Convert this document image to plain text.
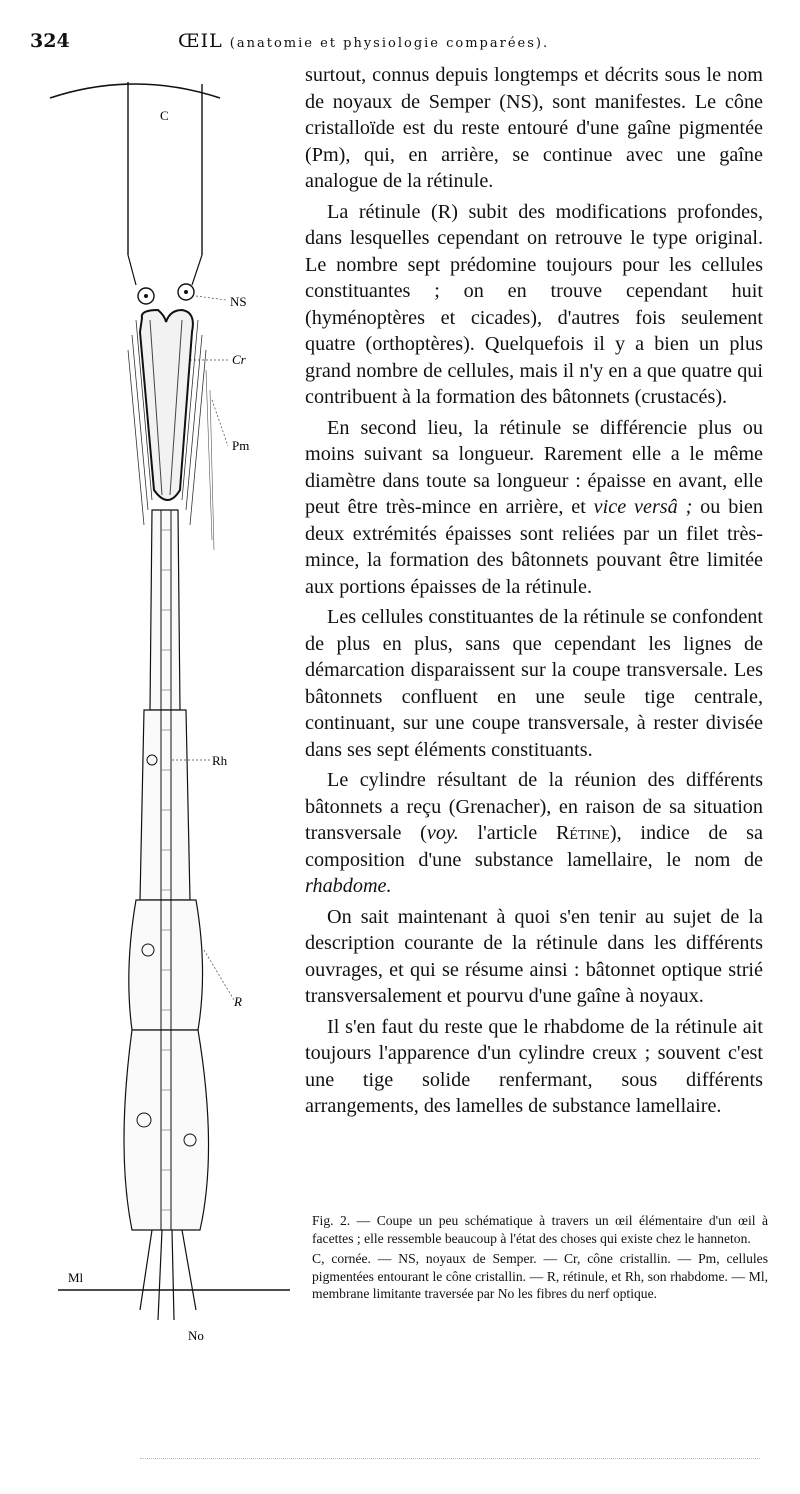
324	ŒIL (anatomie et physiologie comparées).
C
NS
Cr
Pm
Rh
R
Ml
No

surtout, connus depuis longtemps et décrits sous le nom de noyaux de Semper (NS), sont manifestes. Le cône cristalloïde est du reste entouré d'une gaîne pigmentée (Pm), qui, en arrière, se continue avec une gaîne analogue de la rétinule.

La rétinule (R) subit des modifications profondes, dans lesquelles cependant on retrouve le type original. Le nombre sept prédomine toujours pour les cellules constituantes ; on en trouve cependant huit (hyménoptères et cicades), d'autres fois seulement quatre (orthoptères). Quelquefois il y a bien un plus grand nombre de cellules, mais il n'y en a que quatre qui contribuent à la formation des bâtonnets (crustacés).

En second lieu, la rétinule se différencie plus ou moins suivant sa longueur. Rarement elle a le même diamètre dans toute sa longueur : épaisse en avant, elle peut être très-mince en arrière, et vice versâ ; ou bien deux extrémités épaisses sont reliées par un filet très-mince, la formation des bâtonnets pouvant être limitée aux portions épaisses de la rétinule.

Les cellules constituantes de la rétinule se confondent de plus en plus, sans que cependant les lignes de démarcation disparaissent sur la coupe transversale. Les bâtonnets confluent en une seule tige centrale, continuant, sur une coupe transversale, à rester divisée dans ses sept éléments constituants.

Le cylindre résultant de la réunion des différents bâtonnets a reçu (Grenacher), en raison de sa situation transversale (voy. l'article Rétine), indice de sa composition d'une substance lamellaire, le nom de rhabdome.

On sait maintenant à quoi s'en tenir au sujet de la description courante de la rétinule dans les différents ouvrages, et qui se résume ainsi : bâtonnet optique strié transversalement et pourvu d'une gaîne à noyaux.

Il s'en faut du reste que le rhabdome de la rétinule ait toujours l'apparence d'un cylindre creux ; souvent c'est une tige solide renfermant, sous différents arrangements, des lamelles de substance lamellaire.

Fig. 2. — Coupe un peu schématique à travers un œil élémentaire d'un œil à facettes ; elle ressemble beaucoup à l'état des choses qui existe chez le hanneton.

C, cornée. — NS, noyaux de Semper. — Cr, cône cristallin. — Pm, cellules pigmentées entourant le cône cristallin. — R, rétinule, et Rh, son rhabdome. — Ml, membrane limitante traversée par No les fibres du nerf optique.
